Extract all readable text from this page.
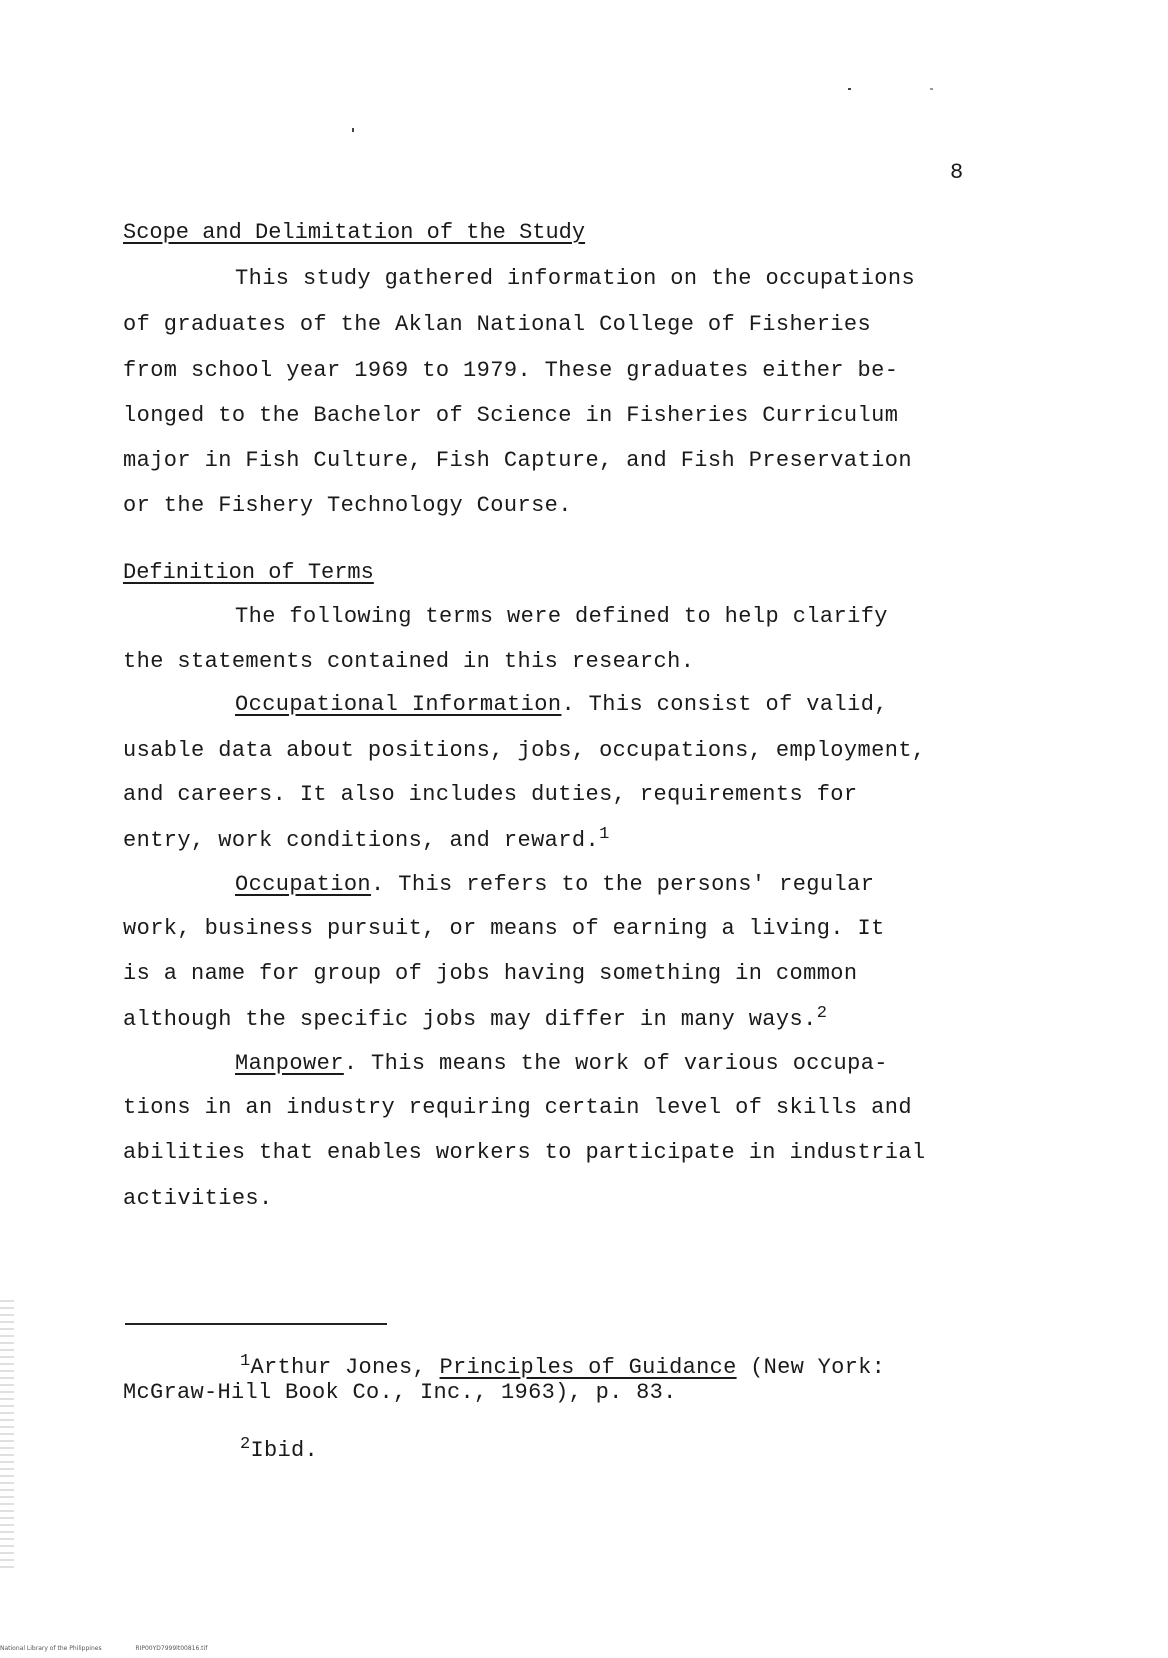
8
Scope and Delimitation of the Study
This study gathered information on the occupations
of graduates of the Aklan National College of Fisheries
from school year 1969 to 1979. These graduates either be-
longed to the Bachelor of Science in Fisheries Curriculum
major in Fish Culture, Fish Capture, and Fish Preservation
or the Fishery Technology Course.
Definition of Terms
The following terms were defined to help clarify
the statements contained in this research.
Occupational Information. This consist of valid,
usable data about positions, jobs, occupations, employment,
and careers. It also includes duties, requirements for
entry, work conditions, and reward.$^1$
Occupation. This refers to the persons' regular
work, business pursuit, or means of earning a living. It
is a name for group of jobs having something in common
although the specific jobs may differ in many ways.$^2$
Manpower. This means the work of various occupa-
tions in an industry requiring certain level of skills and
abilities that enables workers to participate in industrial
activities.
$^1$Arthur Jones, Principles of Guidance (New York:
McGraw-Hill Book Co., Inc., 1963), p. 83.
$^2$Ibid.
National Library of the Philippines	RIP00YD7999lt00816.tif
